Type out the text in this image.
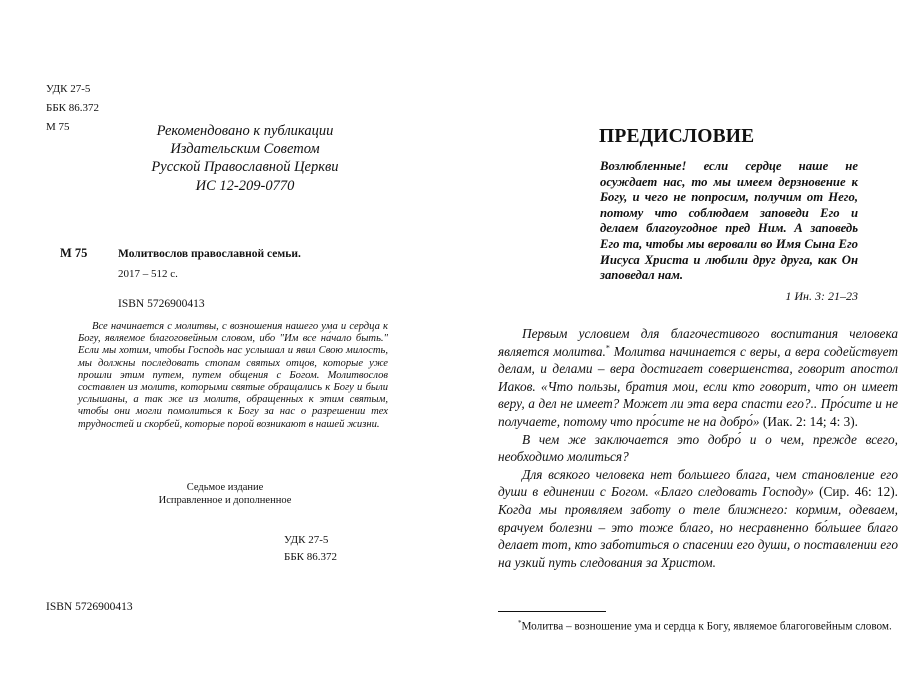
УДК 27-5
ББК 86.372
М 75	Рекомендовано к публикации
Издательским Советом
Русской Православной Церкви
ИС 12-209-0770
М 75	Молитвослов православной семьи.
2017 – 512 с.
ISBN 5726900413
Все начинается с молитвы, с возношения нашего ума и сердца к Богу, являемое благоговейным словом, ибо "Им все на́чало быть." Если мы хотим, чтобы Господь нас услышал и явил Свою милость, мы должны последовать стопам святых отцов, которые уже прошли этим путем, путем общения с Богом. Молитвослов составлен из молитв, которыми святые обращались к Богу и были услышаны, а так же из молитв, обращенных к этим святым, чтобы они могли помолиться к Богу за нас о разрешении тех трудностей и скорбей, которые порой возникают в нашей жизни.
Седьмое издание
Исправленное и дополненное
УДК 27-5
ББК 86.372
ISBN 5726900413
ПРЕДИСЛОВИЕ
Возлюбленные! если сердце наше не осуждает нас, то мы имеем дерзновение к Богу, и чего не попросим, получим от Него, потому что соблюдаем заповеди Его и делаем благоугодное пред Ним. А заповедь Его та, чтобы мы веровали во Имя Сына Его Иисуса Христа и любили друг друга, как Он заповедал нам.
1 Ин. 3: 21–23

Первым условием для благочестивого воспитания человека является молитва.* Молитва начинается с веры, а вера содействует делам, и делами – вера достигает совершенства, говорит апостол Иаков. «Что пользы, братия мои, если кто говорит, что он имеет веру, а дел не имеет? Может ли эта вера спасти его?.. Про́сите и не получаете, потому что про́сите не на добро́» (Иак. 2: 14; 4: 3).

В чем же заключается это добро́ и о чем, прежде всего, необходимо молиться?

Для всякого человека нет большего блага, чем становление его души в единении с Богом. «Благо следовать Господу» (Сир. 46: 12). Когда мы проявляем заботу о теле ближнего: кормим, одеваем, врачуем болезни – это тоже благо, но несравненно бо́льшее благо делает тот, кто заботиться о спасении его души, о поставлении его на узкий путь следования за Христом.

*Молитва – возношение ума и сердца к Богу, являемое благоговейным словом.
